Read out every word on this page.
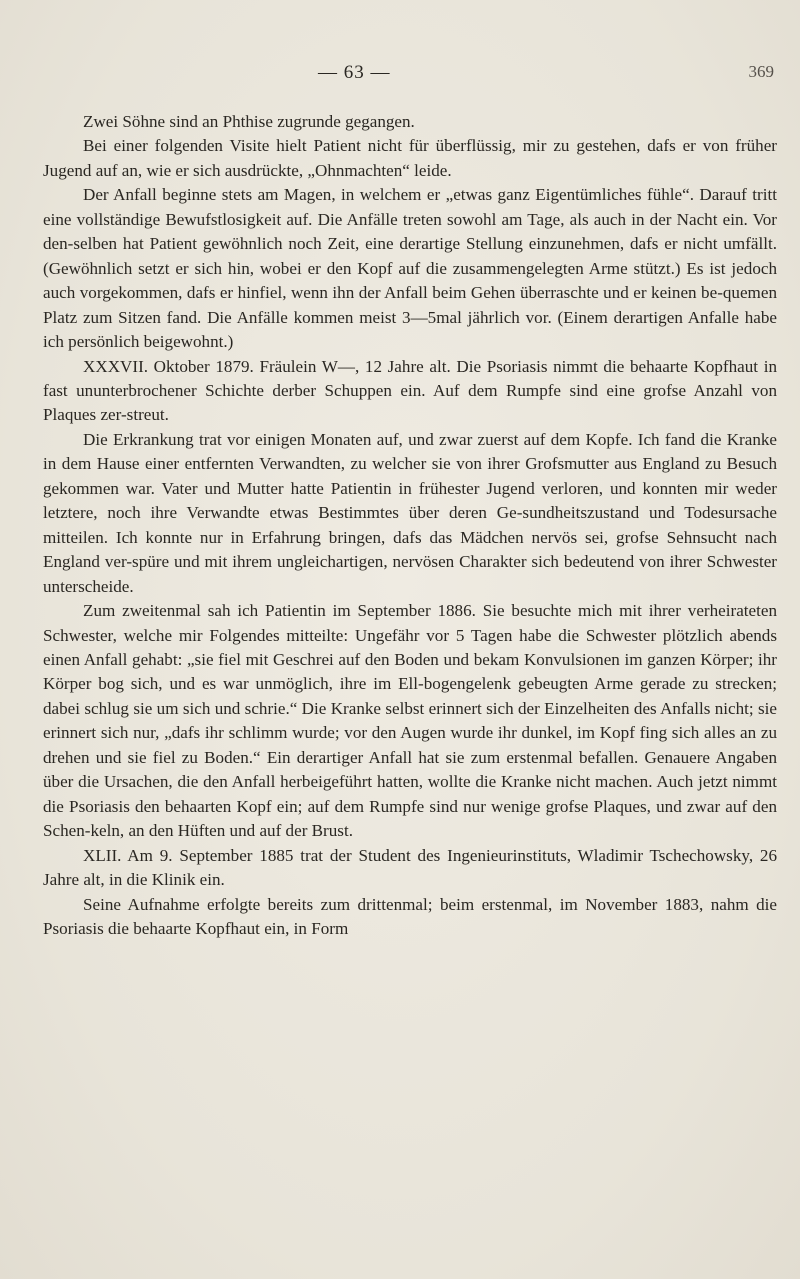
— 63 —	369

Zwei Söhne sind an Phthise zugrunde gegangen.

Bei einer folgenden Visite hielt Patient nicht für überflüssig, mir zu gestehen, dafs er von früher Jugend auf an, wie er sich ausdrückte, „Ohnmachten“ leide.

Der Anfall beginne stets am Magen, in welchem er „etwas ganz Eigentümliches fühle“. Darauf tritt eine vollständige Bewufstlosigkeit auf. Die Anfälle treten sowohl am Tage, als auch in der Nacht ein. Vor den-selben hat Patient gewöhnlich noch Zeit, eine derartige Stellung einzunehmen, dafs er nicht umfällt. (Gewöhnlich setzt er sich hin, wobei er den Kopf auf die zusammengelegten Arme stützt.) Es ist jedoch auch vorgekommen, dafs er hinfiel, wenn ihn der Anfall beim Gehen überraschte und er keinen be-quemen Platz zum Sitzen fand. Die Anfälle kommen meist 3—5mal jährlich vor. (Einem derartigen Anfalle habe ich persönlich beigewohnt.)

XXXVII. Oktober 1879. Fräulein W—, 12 Jahre alt. Die Psoriasis nimmt die behaarte Kopfhaut in fast ununterbrochener Schichte derber Schuppen ein. Auf dem Rumpfe sind eine grofse Anzahl von Plaques zer-streut.

Die Erkrankung trat vor einigen Monaten auf, und zwar zuerst auf dem Kopfe. Ich fand die Kranke in dem Hause einer entfernten Verwandten, zu welcher sie von ihrer Grofsmutter aus England zu Besuch gekommen war. Vater und Mutter hatte Patientin in frühester Jugend verloren, und konnten mir weder letztere, noch ihre Verwandte etwas Bestimmtes über deren Ge-sundheitszustand und Todesursache mitteilen. Ich konnte nur in Erfahrung bringen, dafs das Mädchen nervös sei, grofse Sehnsucht nach England ver-spüre und mit ihrem ungleichartigen, nervösen Charakter sich bedeutend von ihrer Schwester unterscheide.

Zum zweitenmal sah ich Patientin im September 1886. Sie besuchte mich mit ihrer verheirateten Schwester, welche mir Folgendes mitteilte: Ungefähr vor 5 Tagen habe die Schwester plötzlich abends einen Anfall gehabt: „sie fiel mit Geschrei auf den Boden und bekam Konvulsionen im ganzen Körper; ihr Körper bog sich, und es war unmöglich, ihre im Ell-bogengelenk gebeugten Arme gerade zu strecken; dabei schlug sie um sich und schrie.“ Die Kranke selbst erinnert sich der Einzelheiten des Anfalls nicht; sie erinnert sich nur, „dafs ihr schlimm wurde; vor den Augen wurde ihr dunkel, im Kopf fing sich alles an zu drehen und sie fiel zu Boden.“ Ein derartiger Anfall hat sie zum erstenmal befallen. Genauere Angaben über die Ursachen, die den Anfall herbeigeführt hatten, wollte die Kranke nicht machen. Auch jetzt nimmt die Psoriasis den behaarten Kopf ein; auf dem Rumpfe sind nur wenige grofse Plaques, und zwar auf den Schen-keln, an den Hüften und auf der Brust.

XLII. Am 9. September 1885 trat der Student des Ingenieurinstituts, Wladimir Tschechowsky, 26 Jahre alt, in die Klinik ein.

Seine Aufnahme erfolgte bereits zum drittenmal; beim erstenmal, im November 1883, nahm die Psoriasis die behaarte Kopfhaut ein, in Form
